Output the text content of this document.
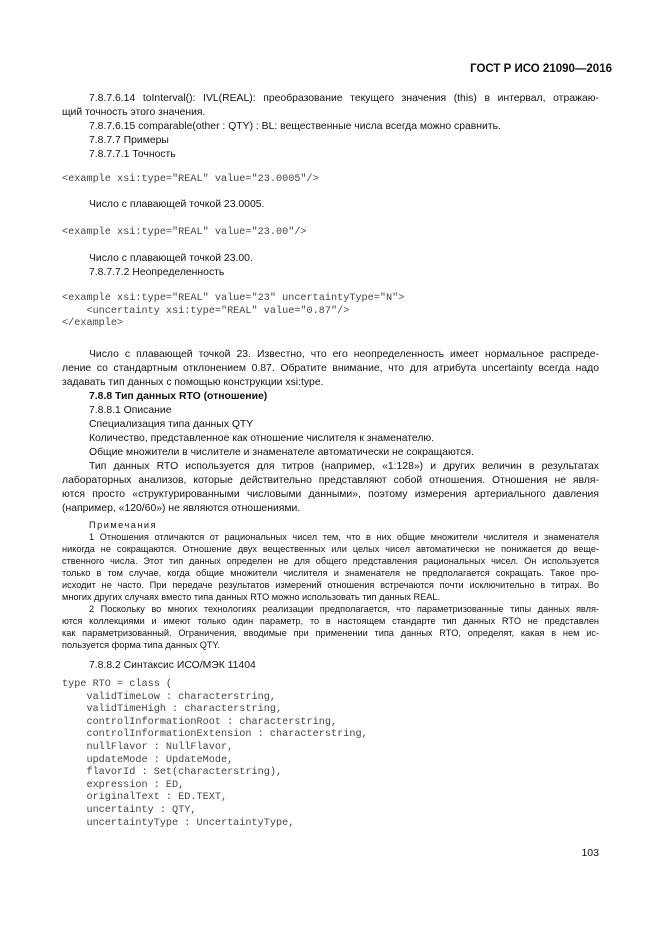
ГОСТ Р ИСО 21090—2016
7.8.7.6.14 toInterval(): IVL(REAL): преобразование текущего значения (this) в интервал, отражаю-
щий точность этого значения.
7.8.7.6.15 comparable(other : QTY) : BL: вещественные числа всегда можно сравнить.
7.8.7.7 Примеры
7.8.7.7.1 Точность
<example xsi:type="REAL" value="23.0005"/>
Число с плавающей точкой 23.0005.
<example xsi:type="REAL" value="23.00"/>
Число с плавающей точкой 23.00.
7.8.7.7.2 Неопределенность
<example xsi:type="REAL" value="23" uncertaintyType="N">
<uncertainty xsi:type="REAL" value="0.87"/>
</example>
Число с плавающей точкой 23. Известно, что его неопределенность имеет нормальное распреде-
ление со стандартным отклонением 0.87. Обратите внимание, что для атрибута uncertainty всегда надо
задавать тип данных с помощью конструкции xsi:type.
7.8.8 Тип данных RTO (отношение)
7.8.8.1 Описание
Специализация типа данных QTY
Количество, представленное как отношение числителя к знаменателю.
Общие множители в числителе и знаменателе автоматически не сокращаются.
Тип данных RTO используется для титров (например, «1:128») и других величин в результатах
лабораторных анализов, которые действительно представляют собой отношения. Отношения не явля-
ются просто «структурированными числовыми данными», поэтому измерения артериального давления
(например, «120/60») не являются отношениями.
Примечания
1 Отношения отличаются от рациональных чисел тем, что в них общие множители числителя и знаменателя
никогда не сокращаются. Отношение двух вещественных или целых чисел автоматически не понижается до веще-
ственного числа. Этот тип данных определен не для общего представления рациональных чисел. Он используется
только в том случае, когда общие множители числителя и знаменателя не предполагается сокращать. Такое про-
исходит не часто. При передаче результатов измерений отношения встречаются почти исключительно в титрах. Во
многих других случаях вместо типа данных RTO можно использовать тип данных REAL.
2 Поскольку во многих технологиях реализации предполагается, что параметризованные типы данных явля-
ются коллекциями и имеют только один параметр, то в настоящем стандарте тип данных RTO не представлен
как параметризованный. Ограничения, вводимые при применении типа данных RTO, определят, какая в нем ис-
пользуется форма типа данных QTY.
7.8.8.2 Синтаксис ИСО/МЭК 11404
type RTO = class (
validTimeLow : characterstring,
validTimeHigh : characterstring,
controlInformationRoot : characterstring,
controlInformationExtension : characterstring,
nullFlavor : NullFlavor,
updateMode : UpdateMode,
flavorId : Set(characterstring),
expression : ED,
originalText : ED.TEXT,
uncertainty : QTY,
uncertaintyType : UncertaintyType,
103
